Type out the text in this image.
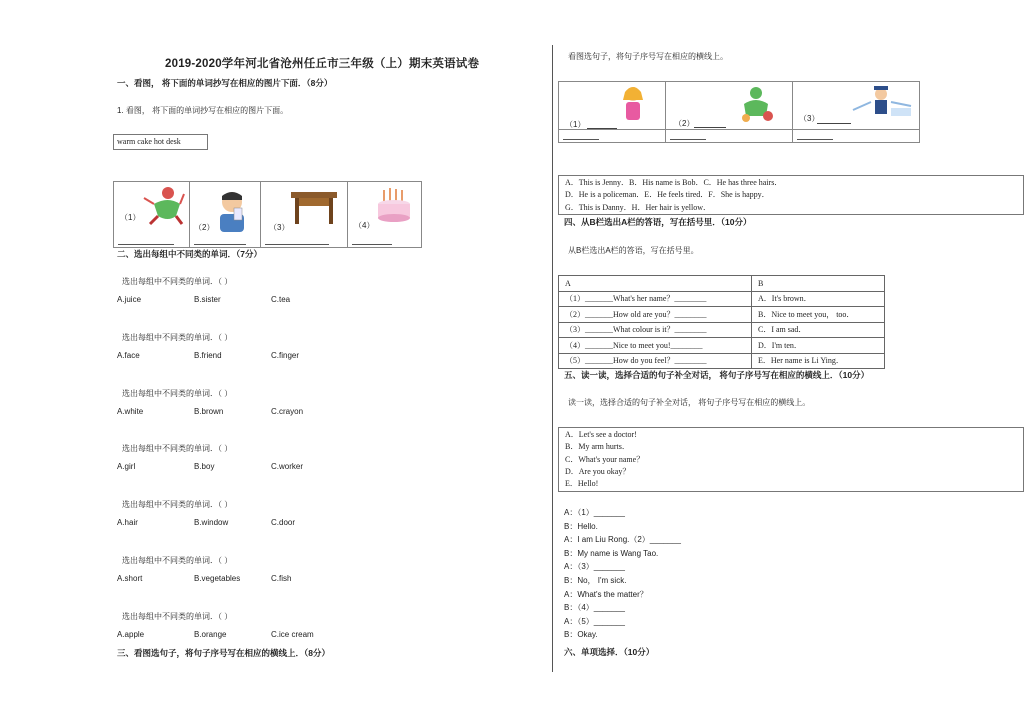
2019-2020学年河北省沧州任丘市三年级（上）期末英语试卷
一、看图， 将下面的单词抄写在相应的图片下面．（8分）
1. 看图， 将下面的单词抄写在相应的图片下面。
warm cake hot desk
（1）

（2）	（3）	（4）
二、选出每组中不同类的单词．（7分）
选出每组中不同类的单词．（ ）
A.juice	B.sister	C.tea
选出每组中不同类的单词．（ ）
A.face	B.friend	C.finger
选出每组中不同类的单词．（ ）
A.white	B.brown	C.crayon
选出每组中不同类的单词．（ ）
A.girl	B.boy	C.worker
选出每组中不同类的单词．（ ）
A.hair	B.window	C.door
选出每组中不同类的单词．（ ）
A.short	B.vegetables	C.fish
选出每组中不同类的单词．（ ）
A.apple	B.orange	C.ice cream
三、看图选句子，将句子序号写在相应的横线上．（8分）
看图选句子，将句子序号写在相应的横线上。
（1）	（2）	（3）

A．This is Jenny．B．His name is Bob．C．He has three hairs．
D．He is a policeman．E．He feels tired．F．She is happy．
G．This is Danny．H．Her hair is yellow．
四、从B栏选出A栏的答语，写在括号里．（10分）
从B栏选出A栏的答语，写在括号里。
A	B
（1）_______What's her name？________	A．It's brown．
（2）_______How old are you？________	B．Nice to meet you， too．
（3）_______What colour is it？________	C．I am sad．
（4）_______Nice to meet you!________	D．I'm ten．
（5）_______How do you feel？________	E．Her name is Li Ying．
五、读一读，选择合适的句子补全对话， 将句子序号写在相应的横线上．（10分）
读一读，选择合适的句子补全对话， 将句子序号写在相应的横线上。
A．Let's see a doctor!
B．My arm hurts．
C．What's your name？
D．Are you okay？
E．Hello!
A：（1）_______
B：Hello.
A：I am Liu Rong.（2）_______
B：My name is Wang Tao.
A：（3）_______
B：No， I'm sick.
A：What's the matter？
B：（4）_______
A：（5）_______
B：Okay.
六、单项选择．（10分）
